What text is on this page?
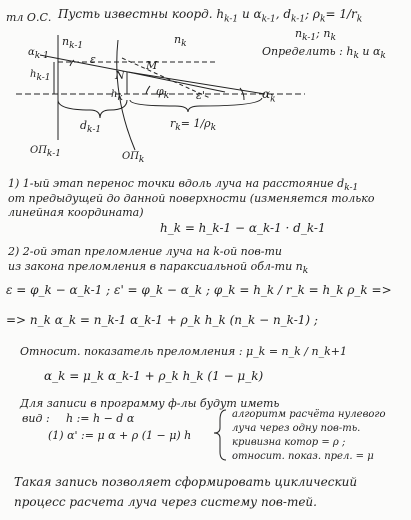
тл О.С. Пусть известны коорд. $h_{k-1}$ и $\alpha_{k-1}$, $d_{k-1}$; $\rho_k= 1/r_k$
$n_{k-1}$
$n_k$
$n_{k-1}$; $n_k$
Определить : $h_k$ и $\alpha_k$
$\alpha_{k-1}$	ε
$h_{k-1}$	N
M
$h_k$	$\varphi_k$ ε'	$\alpha_k$
$r_k= 1/\rho_k$
$d_{k-1}$
$ОП_{k-1}$	$ОП_k$
1) 1-ый этап перенос точки вдоль луча на расстояние $d_{k-1}$
от предыдущей до данной поверхности (изменяется только
линейная координата)
h_k = h_k-1 − α_k-1 · d_k-1
2) 2-ой этап преломление луча на k-ой пов-ти
из закона преломления в параксиальной обл-ти $n_k$
ε = φ_k − α_k-1 ; ε' = φ_k − α_k ; φ_k = h_k / r_k = h_k ρ_k =>
=> n_k α_k = n_k-1 α_k-1 + ρ_k h_k (n_k − n_k-1) ;
Относит. показатель преломления : μ_k = n_k / n_k+1
α_k = μ_k α_k-1 + ρ_k h_k (1 − μ_k)
Для записи в программу ф-лы будут иметь
вид : h := h − d α
(1) α' := μ α + ρ (1 − μ) h
алгоритм расчёта нулевого
луча через одну пов-ть.
кривизна котор = ρ ;
относит. показ. прел. = μ
Такая запись позволяет сформировать циклический
процесс расчета луча через систему пов-тей.
